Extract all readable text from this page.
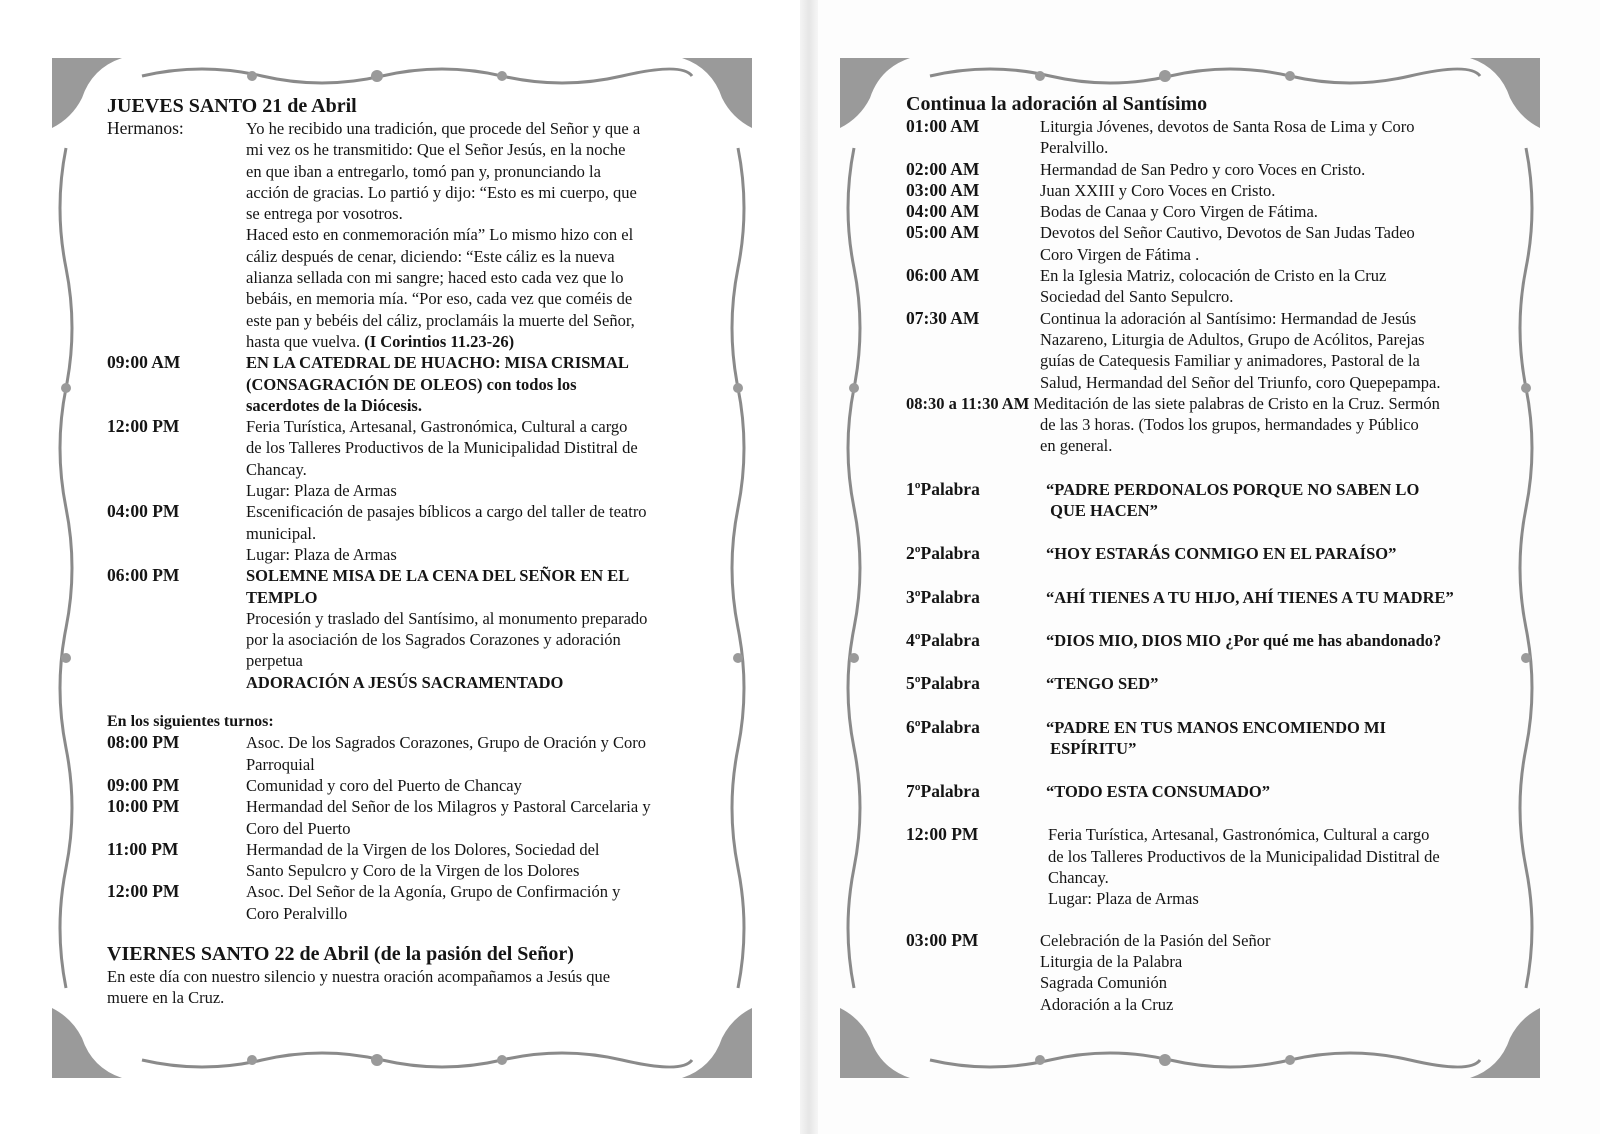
JUEVES SANTO 21 de Abril
Hermanos:	Yo he recibido una tradición, que procede del Señor y que a
mi vez os he transmitido: Que el Señor Jesús, en la noche
en que iban a entregarlo, tomó pan y, pronunciando la
acción de gracias. Lo partió y dijo: “Esto es mi cuerpo, que
se entrega por vosotros.
Haced esto en conmemoración mía” Lo mismo hizo con el
cáliz después de cenar, diciendo: “Este cáliz es la nueva
alianza sellada con mi sangre; haced esto cada vez que lo
bebáis, en memoria mía. “Por eso, cada vez que coméis de
este pan y bebéis del cáliz, proclamáis la muerte del Señor,
hasta que vuelva. (I Corintios 11.23-26)
09:00 AM	EN LA CATEDRAL DE HUACHO: MISA CRISMAL
(CONSAGRACIÓN DE OLEOS) con todos los
sacerdotes de la Diócesis.
12:00 PM	Feria Turística, Artesanal, Gastronómica, Cultural a cargo
de los Talleres Productivos de la Municipalidad Distitral de
Chancay.
Lugar: Plaza de Armas
04:00 PM	Escenificación de pasajes bíblicos a cargo del taller de teatro
municipal.
Lugar: Plaza de Armas
06:00 PM	SOLEMNE MISA DE LA CENA DEL SEÑOR EN EL
TEMPLO
Procesión y traslado del Santísimo, al monumento preparado
por la asociación de los Sagrados Corazones y adoración
perpetua
ADORACIÓN A JESÚS SACRAMENTADO
En los siguientes turnos:
08:00 PM	Asoc. De los Sagrados Corazones, Grupo de Oración y Coro
Parroquial
09:00 PM	Comunidad y coro del Puerto de Chancay
10:00 PM	Hermandad del Señor de los Milagros y Pastoral Carcelaria y
Coro del Puerto
11:00 PM	Hermandad de la Virgen de los Dolores, Sociedad del
Santo Sepulcro y Coro de la Virgen de los Dolores
12:00 PM	Asoc. Del Señor de la Agonía, Grupo de Confirmación y
Coro Peralvillo
VIERNES SANTO 22 de Abril (de la pasión del Señor)
En este día con nuestro silencio y nuestra oración acompañamos a Jesús que
muere en la Cruz.
Continua la adoración al Santísimo
01:00 AM	Liturgia Jóvenes, devotos de Santa Rosa de Lima y Coro
Peralvillo.
02:00 AM	Hermandad de San Pedro y coro Voces en Cristo.
03:00 AM	Juan XXIII y Coro Voces en Cristo.
04:00 AM	Bodas de Canaa y Coro Virgen de Fátima.
05:00 AM	Devotos del Señor Cautivo, Devotos de San Judas Tadeo
Coro Virgen de Fátima .
06:00 AM	En la Iglesia Matriz, colocación de Cristo en la Cruz
Sociedad del Santo Sepulcro.
07:30 AM	Continua la adoración al Santísimo: Hermandad de Jesús
Nazareno, Liturgia de Adultos, Grupo de Acólitos, Parejas
guías de Catequesis Familiar y animadores, Pastoral de la
Salud, Hermandad del Señor del Triunfo, coro Quepepampa.
08:30 a 11:30 AM Meditación de las siete palabras de Cristo en la Cruz. Sermón
de las 3 horas. (Todos los grupos, hermandades y Público
en general.
1ºPalabra	“PADRE PERDONALOS PORQUE NO SABEN LO
QUE HACEN”
2ºPalabra	“HOY ESTARÁS CONMIGO EN EL PARAÍSO”
3ºPalabra	“AHÍ TIENES A TU HIJO, AHÍ TIENES A TU MADRE”
4ºPalabra	“DIOS MIO, DIOS MIO ¿Por qué me has abandonado?
5ºPalabra	“TENGO SED”
6ºPalabra	“PADRE EN TUS MANOS ENCOMIENDO MI
ESPÍRITU”
7ºPalabra	“TODO ESTA CONSUMADO”
12:00 PM	Feria Turística, Artesanal, Gastronómica, Cultural a cargo
de los Talleres Productivos de la Municipalidad Distitral de
Chancay.
Lugar: Plaza de Armas
03:00 PM	Celebración de la Pasión del Señor
Liturgia de la Palabra
Sagrada Comunión
Adoración a la Cruz
